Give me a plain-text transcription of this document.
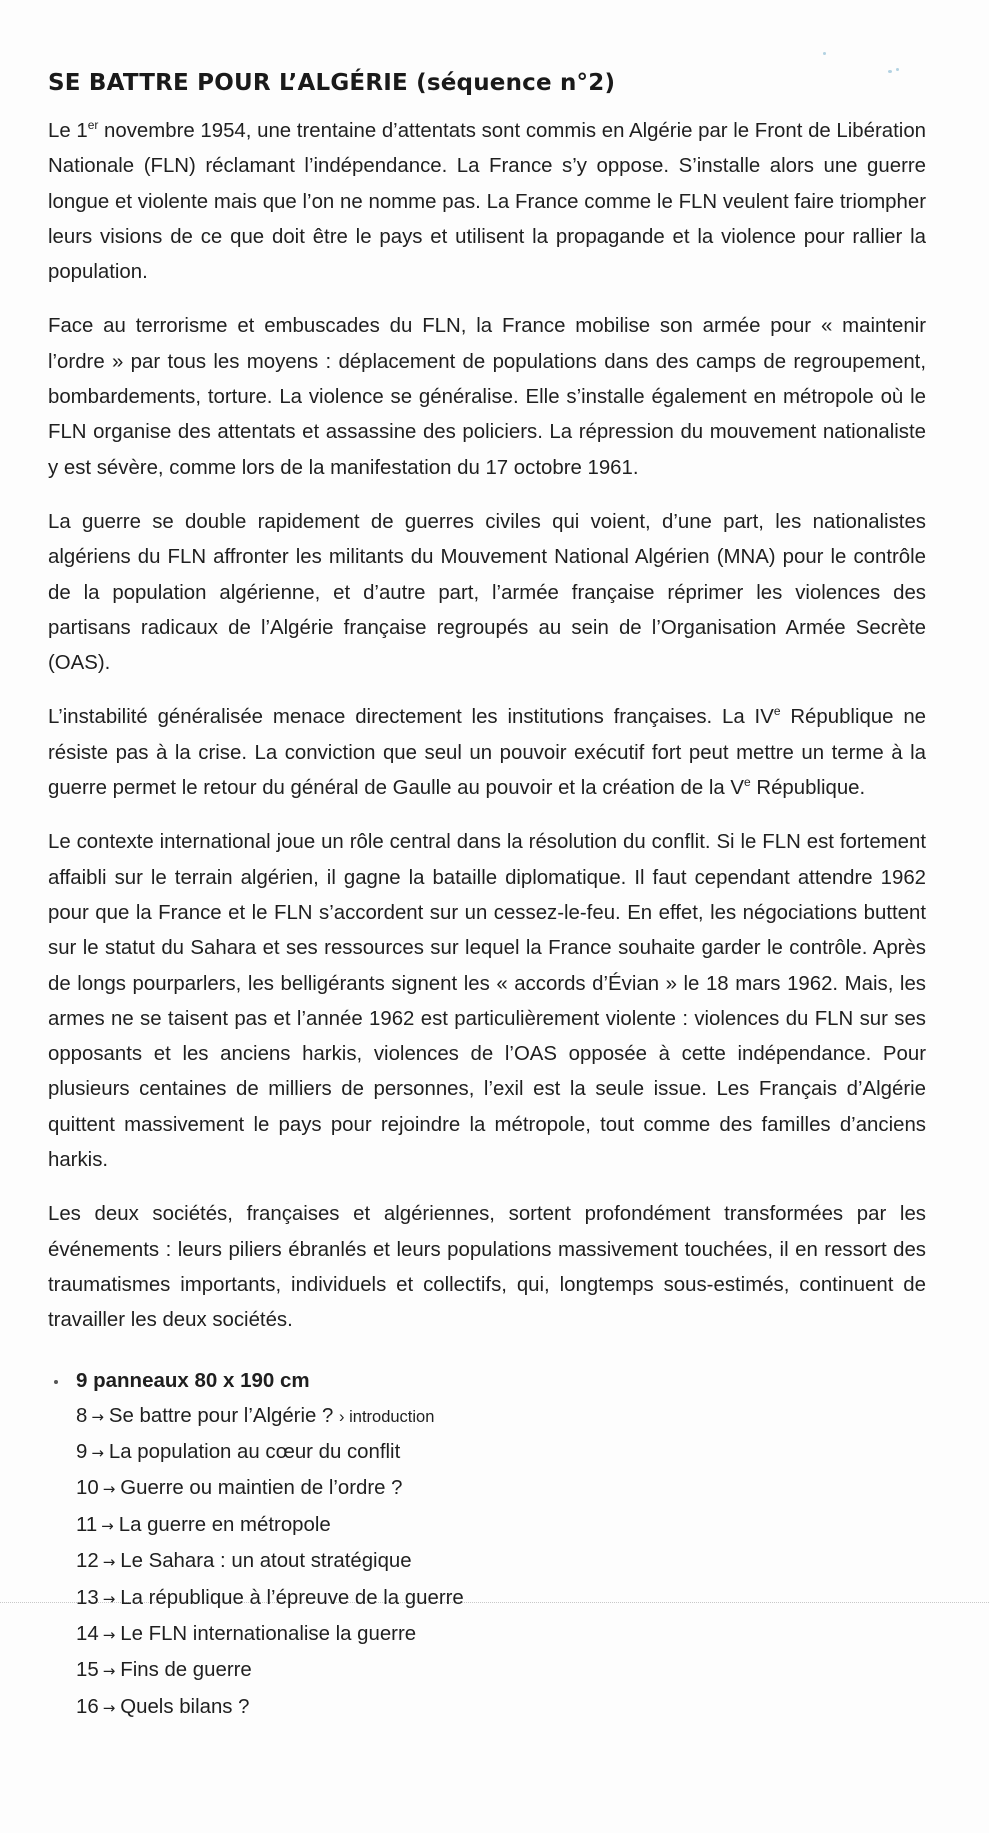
SE BATTRE POUR L’ALGÉRIE (séquence n°2)

Le 1er novembre 1954, une trentaine d’attentats sont commis en Algérie par le Front de Libération Nationale (FLN) réclamant l’indépendance. La France s’y oppose. S’installe alors une guerre longue et violente mais que l’on ne nomme pas. La France comme le FLN veulent faire triompher leurs visions de ce que doit être le pays et utilisent la propagande et la violence pour rallier la population.

Face au terrorisme et embuscades du FLN, la France mobilise son armée pour « maintenir l’ordre » par tous les moyens : déplacement de populations dans des camps de regroupement, bombardements, torture. La violence se généralise. Elle s’installe également en métropole où le FLN organise des attentats et assassine des policiers. La répression du mouvement nationaliste y est sévère, comme lors de la manifestation du 17 octobre 1961.

La guerre se double rapidement de guerres civiles qui voient, d’une part, les nationalistes algériens du FLN affronter les militants du Mouvement National Algérien (MNA) pour le contrôle de la population algérienne, et d’autre part, l’armée française réprimer les violences des partisans radicaux de l’Algérie française regroupés au sein de l’Organisation Armée Secrète (OAS).

L’instabilité généralisée menace directement les institutions françaises. La IVe République ne résiste pas à la crise. La conviction que seul un pouvoir exécutif fort peut mettre un terme à la guerre permet le retour du général de Gaulle au pouvoir et la création de la Ve République.

Le contexte international joue un rôle central dans la résolution du conflit. Si le FLN est fortement affaibli sur le terrain algérien, il gagne la bataille diplomatique. Il faut cependant attendre 1962 pour que la France et le FLN s’accordent sur un cessez-le-feu. En effet, les négociations buttent sur le statut du Sahara et ses ressources sur lequel la France souhaite garder le contrôle. Après de longs pourparlers, les belligérants signent les « accords d’Évian » le 18 mars 1962. Mais, les armes ne se taisent pas et l’année 1962 est particulièrement violente : violences du FLN sur ses opposants et les anciens harkis, violences de l’OAS opposée à cette indépendance. Pour plusieurs centaines de milliers de personnes, l’exil est la seule issue. Les Français d’Algérie quittent massivement le pays pour rejoindre la métropole, tout comme des familles d’anciens harkis.

Les deux sociétés, françaises et algériennes, sortent profondément transformées par les événements : leurs piliers ébranlés et leurs populations massivement touchées, il en ressort des traumatismes importants, individuels et collectifs, qui, longtemps sous-estimés, continuent de travailler les deux sociétés.

9 panneaux 80 x 190 cm

8 → Se battre pour l’Algérie ? › introduction
9 → La population au cœur du conflit
10 → Guerre ou maintien de l’ordre ?
11 → La guerre en métropole
12 → Le Sahara : un atout stratégique
13 → La république à l’épreuve de la guerre
14 → Le FLN internationalise la guerre
15 → Fins de guerre
16 → Quels bilans ?
